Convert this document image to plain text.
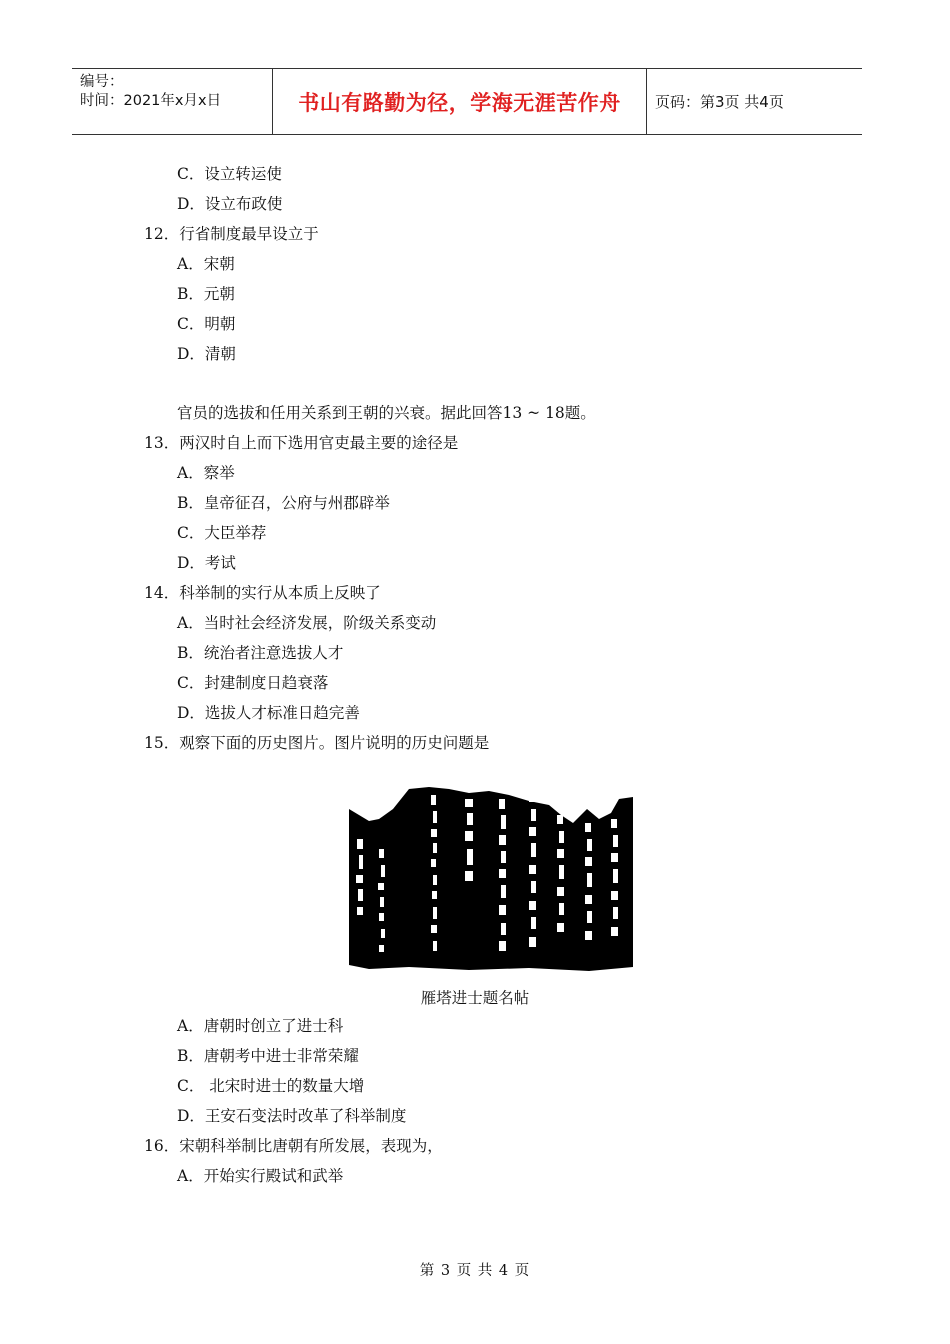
编号：
时间：2021年x月x日	书山有路勤为径，学海无涯苦作舟	页码：第3页 共4页
C．设立转运使
D．设立布政使
12．行省制度最早设立于
A．宋朝
B．元朝
C．明朝
D．清朝
官员的选拔和任用关系到王朝的兴衰。据此回答13 ~ 18题。
13．两汉时自上而下选用官吏最主要的途径是
A．察举
B．皇帝征召，公府与州郡辟举
C．大臣举荐
D．考试
14．科举制的实行从本质上反映了
A．当时社会经济发展，阶级关系变动
B．统治者注意选拔人才
C．封建制度日趋衰落
D．选拔人才标准日趋完善
15．观察下面的历史图片。图片说明的历史问题是
雁塔进士题名帖
A．唐朝时创立了进士科
B．唐朝考中进士非常荣耀
C． 北宋时进士的数量大增
D．王安石变法时改革了科举制度
16．宋朝科举制比唐朝有所发展，表现为，
A．开始实行殿试和武举
第 3 页 共 4 页
